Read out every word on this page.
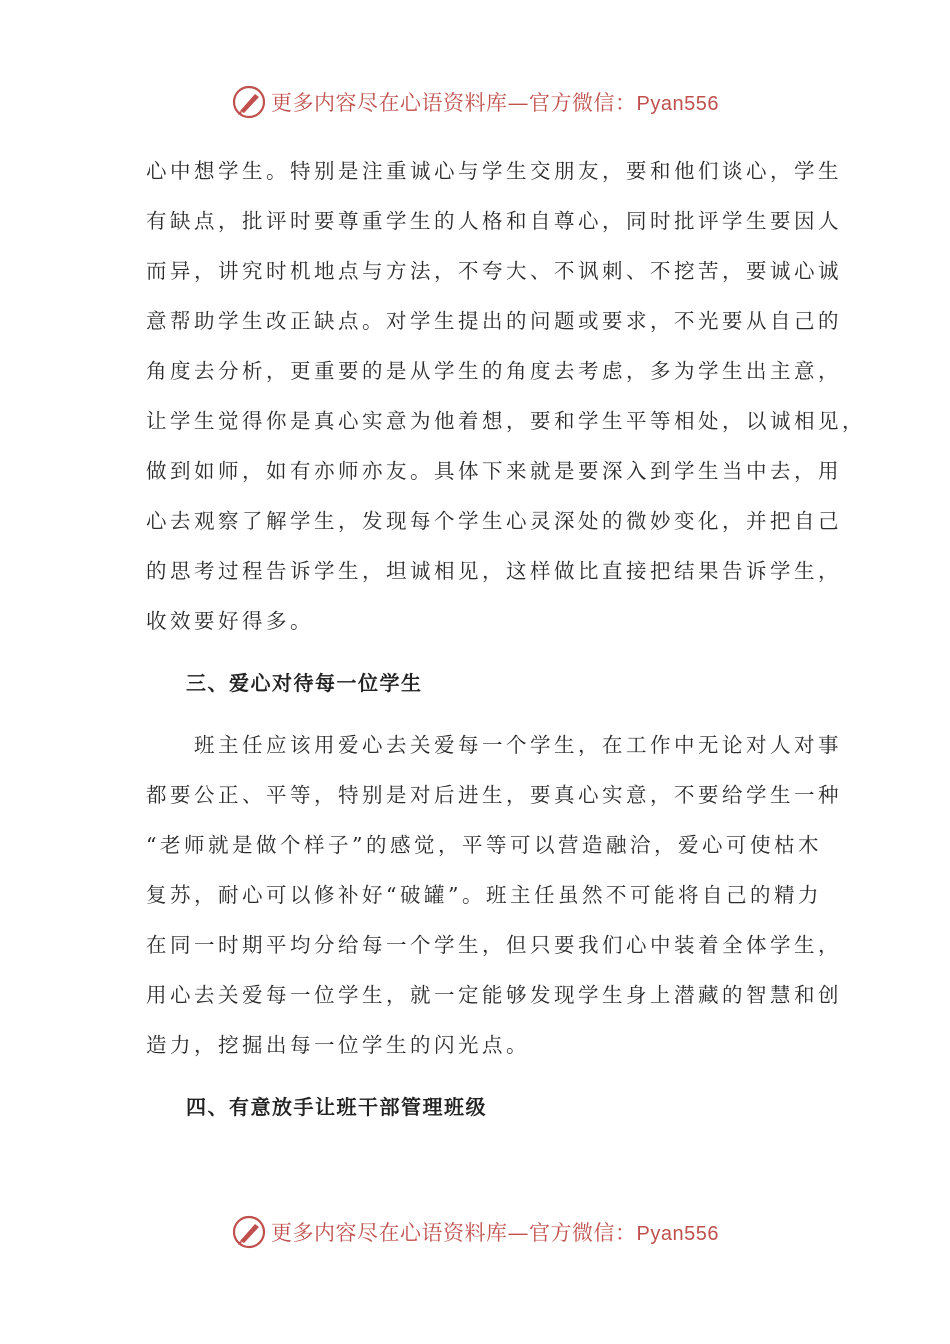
更多内容尽在心语资料库—官方微信：Pyan556
心中想学生。特别是注重诚心与学生交朋友，要和他们谈心，学生
有缺点，批评时要尊重学生的人格和自尊心，同时批评学生要因人
而异，讲究时机地点与方法，不夸大、不讽刺、不挖苦，要诚心诚
意帮助学生改正缺点。对学生提出的问题或要求，不光要从自己的
角度去分析，更重要的是从学生的角度去考虑，多为学生出主意，
让学生觉得你是真心实意为他着想，要和学生平等相处，以诚相见，
做到如师，如有亦师亦友。具体下来就是要深入到学生当中去，用
心去观察了解学生，发现每个学生心灵深处的微妙变化，并把自己
的思考过程告诉学生，坦诚相见，这样做比直接把结果告诉学生，
收效要好得多。
三、爱心对待每一位学生
　　班主任应该用爱心去关爱每一个学生，在工作中无论对人对事
都要公正、平等，特别是对后进生，要真心实意，不要给学生一种
“老师就是做个样子”的感觉，平等可以营造融洽，爱心可使枯木
复苏，耐心可以修补好“破罐”。班主任虽然不可能将自己的精力
在同一时期平均分给每一个学生，但只要我们心中装着全体学生，
用心去关爱每一位学生，就一定能够发现学生身上潜藏的智慧和创
造力，挖掘出每一位学生的闪光点。
四、有意放手让班干部管理班级
更多内容尽在心语资料库—官方微信：Pyan556
